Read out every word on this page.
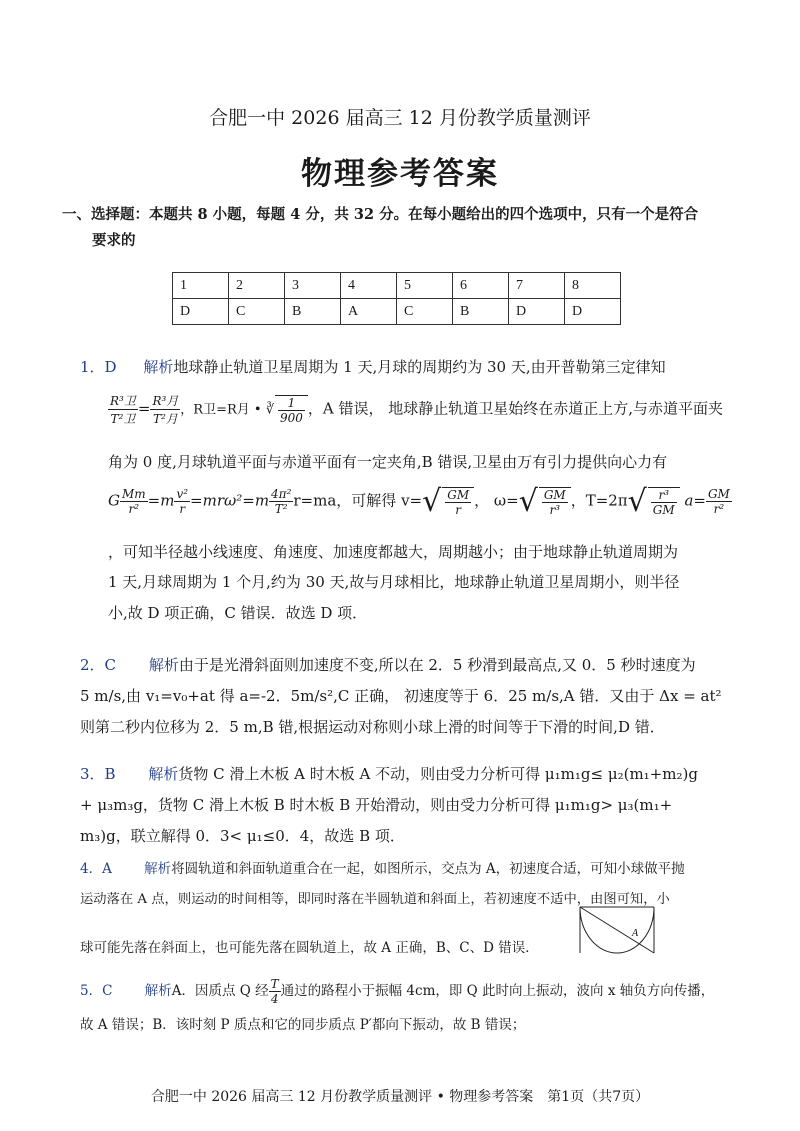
合肥一中 2026 届高三 12 月份教学质量测评
物理参考答案
一、选择题：本题共 8 小题，每题 4 分，共 32 分。在每小题给出的四个选项中，只有一个是符合
要求的
1	2	3	4	5	6	7	8
D	C	B	A	C	B	D	D
1．D 解析地球静止轨道卫星周期为 1 天,月球的周期约为 30 天,由开普勒第三定律知
$\frac{\text{R³卫}}{\text{T²卫}} = \frac{\text{R³月}}{\text{T²月}}$ ，R卫=R月 • ∛ $\frac{1}{900}$ ，A 错误， 地球静止轨道卫星始终在赤道正上方,与赤道平面夹
角为 0 度,月球轨道平面与赤道平面有一定夹角,B 错误,卫星由万有引力提供向心力有
G $\frac{Mm}{\text{r²}} =m \frac{\text{v²}}{r} =mr\omega^2=m \frac{\text{4π²}}{\text{T²}} r=ma$，可解得 $v=√ \frac{GM}{r}$ ， $\omega=√ \frac{GM}{\text{r³}}$ ，$T=2\pi√ \frac{\text{r³}}{GM} a= \frac{GM}{\text{r²}}$
，可知半径越小线速度、角速度、加速度都越大，周期越小；由于地球静止轨道周期为
1 天,月球周期为 1 个月,约为 30 天,故与月球相比，地球静止轨道卫星周期小，则半径
小,故 D 项正确，C 错误．故选 D 项．
2．C 解析由于是光滑斜面则加速度不变,所以在 2．5 秒滑到最高点,又 0．5 秒时速度为
5 m/s,由 v₁=v₀+at 得 a=-2．5m/s²,C 正确， 初速度等于 6．25 m/s,A 错．又由于 Δx = at²
则第二秒内位移为 2．5 m,B 错,根据运动对称则小球上滑的时间等于下滑的时间,D 错．
3．B 解析货物 C 滑上木板 A 时木板 A 不动，则由受力分析可得 μ₁m₁g≤ μ₂(m₁+m₂)g
+ μ₃m₃g，货物 C 滑上木板 B 时木板 B 开始滑动，则由受力分析可得 μ₁m₁g> μ₃(m₁+
m₃)g，联立解得 0．3< μ₁≤0．4，故选 B 项．
4．A 解析将圆轨道和斜面轨道重合在一起，如图所示，交点为 A，初速度合适，可知小球做平抛
运动落在 A 点，则运动的时间相等，即同时落在半圆轨道和斜面上，若初速度不适中，由图可知，小
球可能先落在斜面上，也可能先落在圆轨道上，故 A 正确，B、C、D 错误．
A
5．C 解析A．因质点 Q 经 $\frac{T}{4}$ 通过的路程小于振幅 4cm，即 Q 此时向上振动，波向 x 轴负方向传播，
故 A 错误；B．该时刻 P 质点和它的同步质点 P′都向下振动，故 B 错误；
合肥一中 2026 届高三 12 月份教学质量测评 • 物理参考答案　第1页（共7页）
